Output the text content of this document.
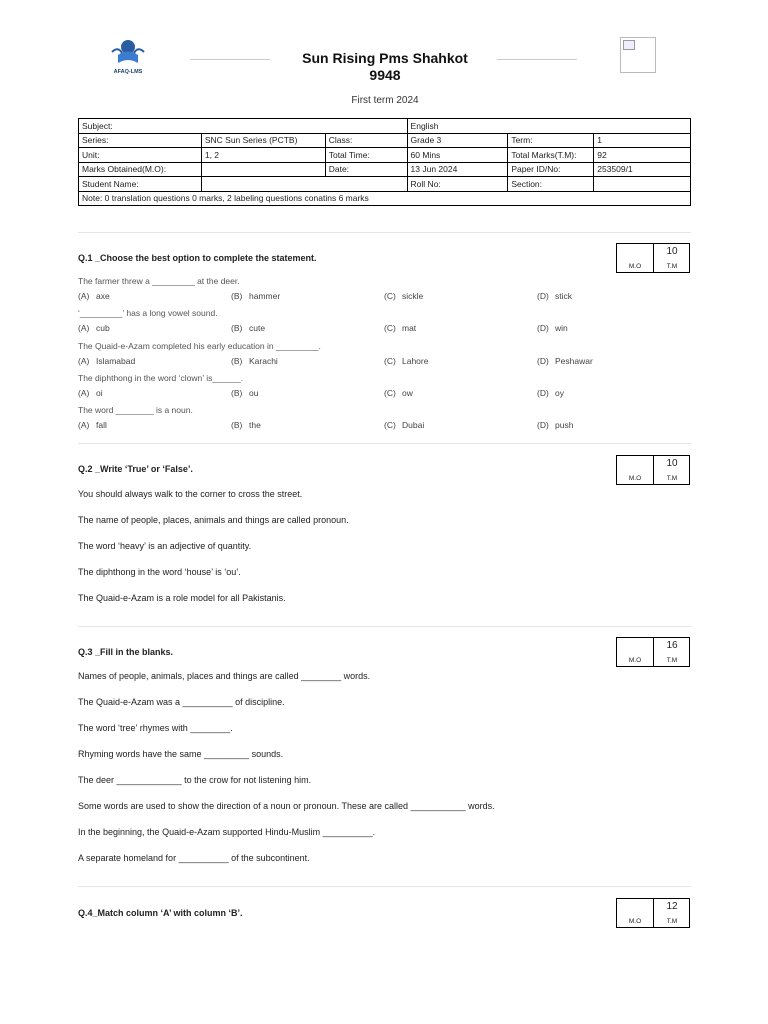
AFAQ-LMS
Sun Rising Pms Shahkot
9948
First term 2024
Subject:			English		
Series:	SNC Sun Series (PCTB)	Class:	Grade 3	Term:	1
Unit:	1, 2	Total Time:	60 Mins	Total Marks(T.M):	92
Marks Obtained(M.O):		Date:	13 Jun 2024	Paper ID/No:	253509/1
Student Name:			Roll No:	Section:	
Note: 0 translation questions 0 marks, 2 labeling questions conatins 6 marks					
Q.1 _Choose the best option to complete the statement.
M.O
10
T.M
The farmer threw a _________ at the deer.
(A) axe	(B) hammer	(C) sickle	(D) stick
‘_________’ has a long vowel sound.
(A) cub	(B) cute	(C) mat	(D) win
The Quaid-e-Azam completed his early education in _________.
(A) Islamabad	(B) Karachi	(C) Lahore	(D) Peshawar
The diphthong in the word ‘clown’ is______.
(A) oi	(B) ou	(C) ow	(D) oy
The word ________ is a noun.
(A) fall	(B) the	(C) Dubai	(D) push
Q.2 _Write ‘True’ or ‘False’.
M.O
10
T.M
You should always walk to the corner to cross the street.
The name of people, places, animals and things are called pronoun.
The word ‘heavy’ is an adjective of quantity.
The diphthong in the word ‘house’ is ‘ou’.
The Quaid-e-Azam is a role model for all Pakistanis.
Q.3 _Fill in the blanks.
M.O
16
T.M
Names of people, animals, places and things are called ________ words.
The Quaid-e-Azam was a __________ of discipline.
The word ‘tree’ rhymes with ________.
Rhyming words have the same _________ sounds.
The deer _____________ to the crow for not listening him.
Some words are used to show the direction of a noun or pronoun. These are called ___________ words.
In the beginning, the Quaid-e-Azam supported Hindu-Muslim __________.
A separate homeland for __________ of the subcontinent.
Q.4_Match column ‘A’ with column ‘B’.
M.O
12
T.M
